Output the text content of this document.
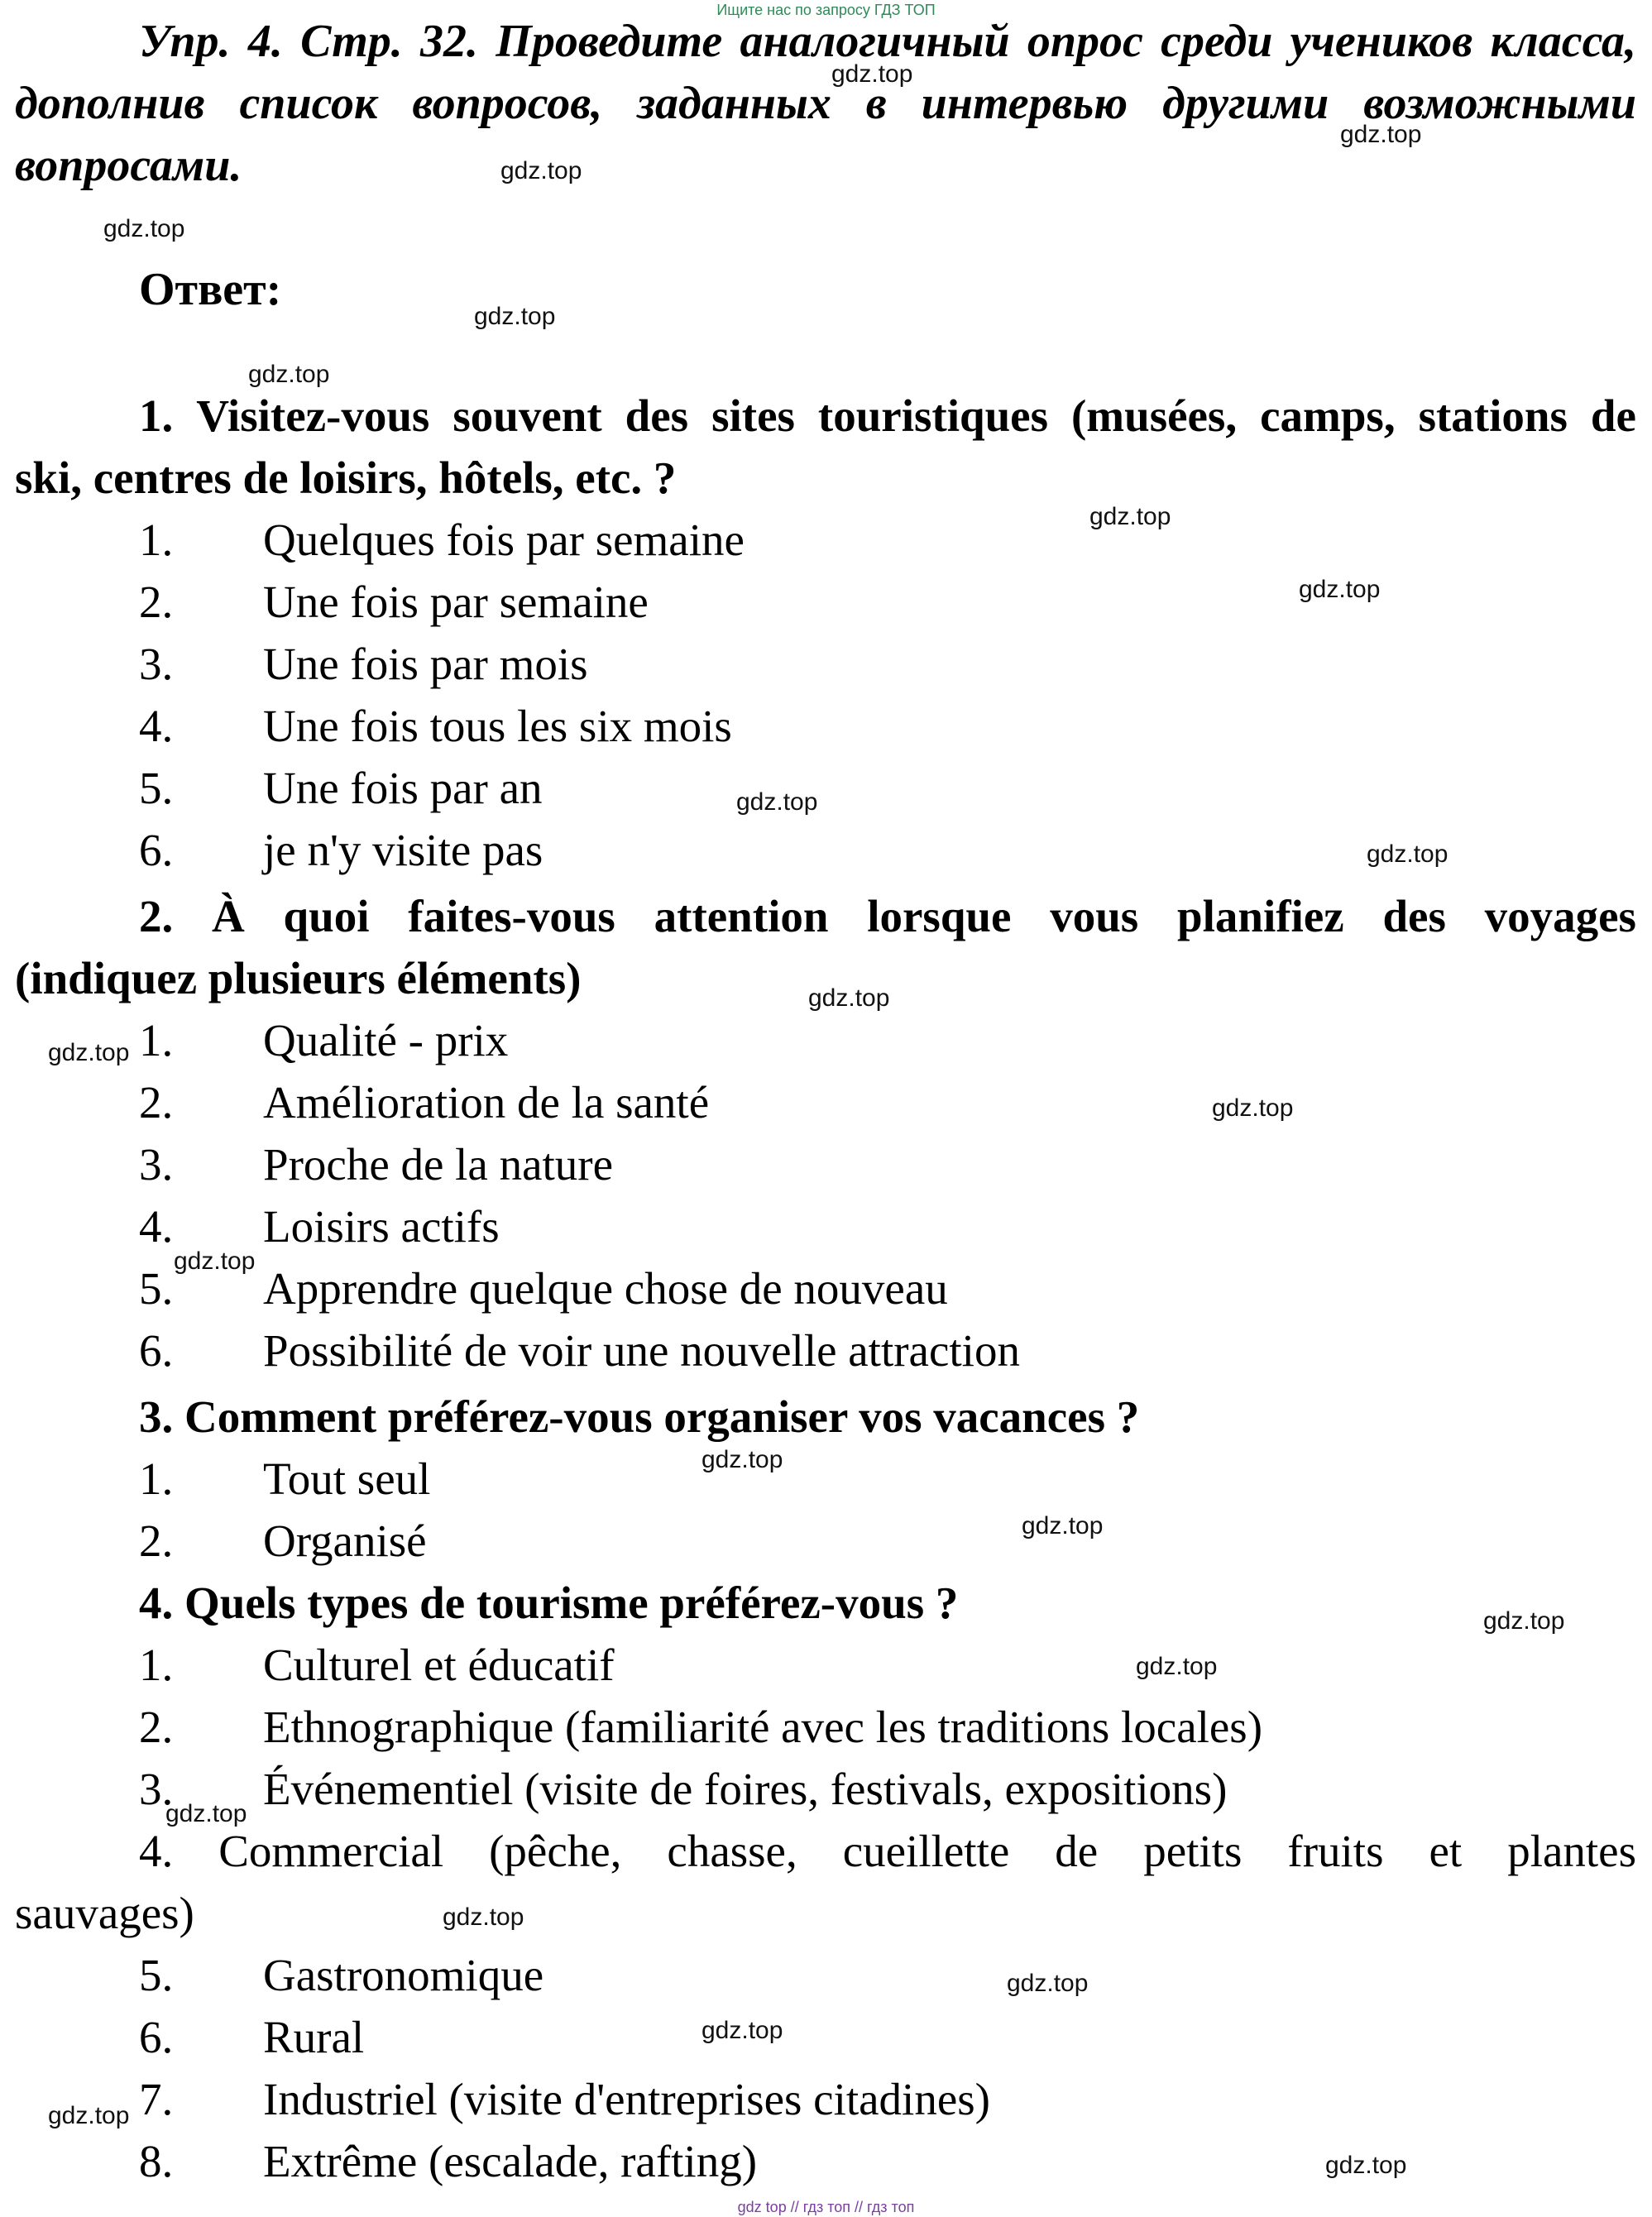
Ищите нас по запросу ГДЗ ТОП
Упр. 4. Стр. 32. Проведите аналогичный опрос среди учеников класса,
дополнив список вопросов, заданных в интервью другими возможными
вопросами.
Ответ:
1. Visitez-vous souvent des sites touristiques (musées, camps, stations de
ski, centres de loisirs, hôtels, etc. ?
1. Quelques fois par semaine
2. Une fois par semaine
3. Une fois par mois
4. Une fois tous les six mois
5. Une fois par an
6. je n'y visite pas
2. À quoi faites-vous attention lorsque vous planifiez des voyages
(indiquez plusieurs éléments)
1. Qualité - prix
2. Amélioration de la santé
3. Proche de la nature
4. Loisirs actifs
5. Apprendre quelque chose de nouveau
6. Possibilité de voir une nouvelle attraction
3. Comment préférez-vous organiser vos vacances ?
1. Tout seul
2. Organisé
4. Quels types de tourisme préférez-vous ?
1. Culturel et éducatif
2. Ethnographique (familiarité avec les traditions locales)
3. Événementiel (visite de foires, festivals, expositions)
4. Commercial (pêche, chasse, cueillette de petits fruits et plantes
sauvages)
5. Gastronomique
6. Rural
7. Industriel (visite d'entreprises citadines)
8. Extrême (escalade, rafting)
gdz.top
gdz.top
gdz.top
gdz.top
gdz.top
gdz.top
gdz.top
gdz.top
gdz.top
gdz.top
gdz.top
gdz.top
gdz.top
gdz.top
gdz.top
gdz.top
gdz.top
gdz.top
gdz.top
gdz.top
gdz.top
gdz.top
gdz.top
gdz.top
gdz top // гдз топ // гдз топ
